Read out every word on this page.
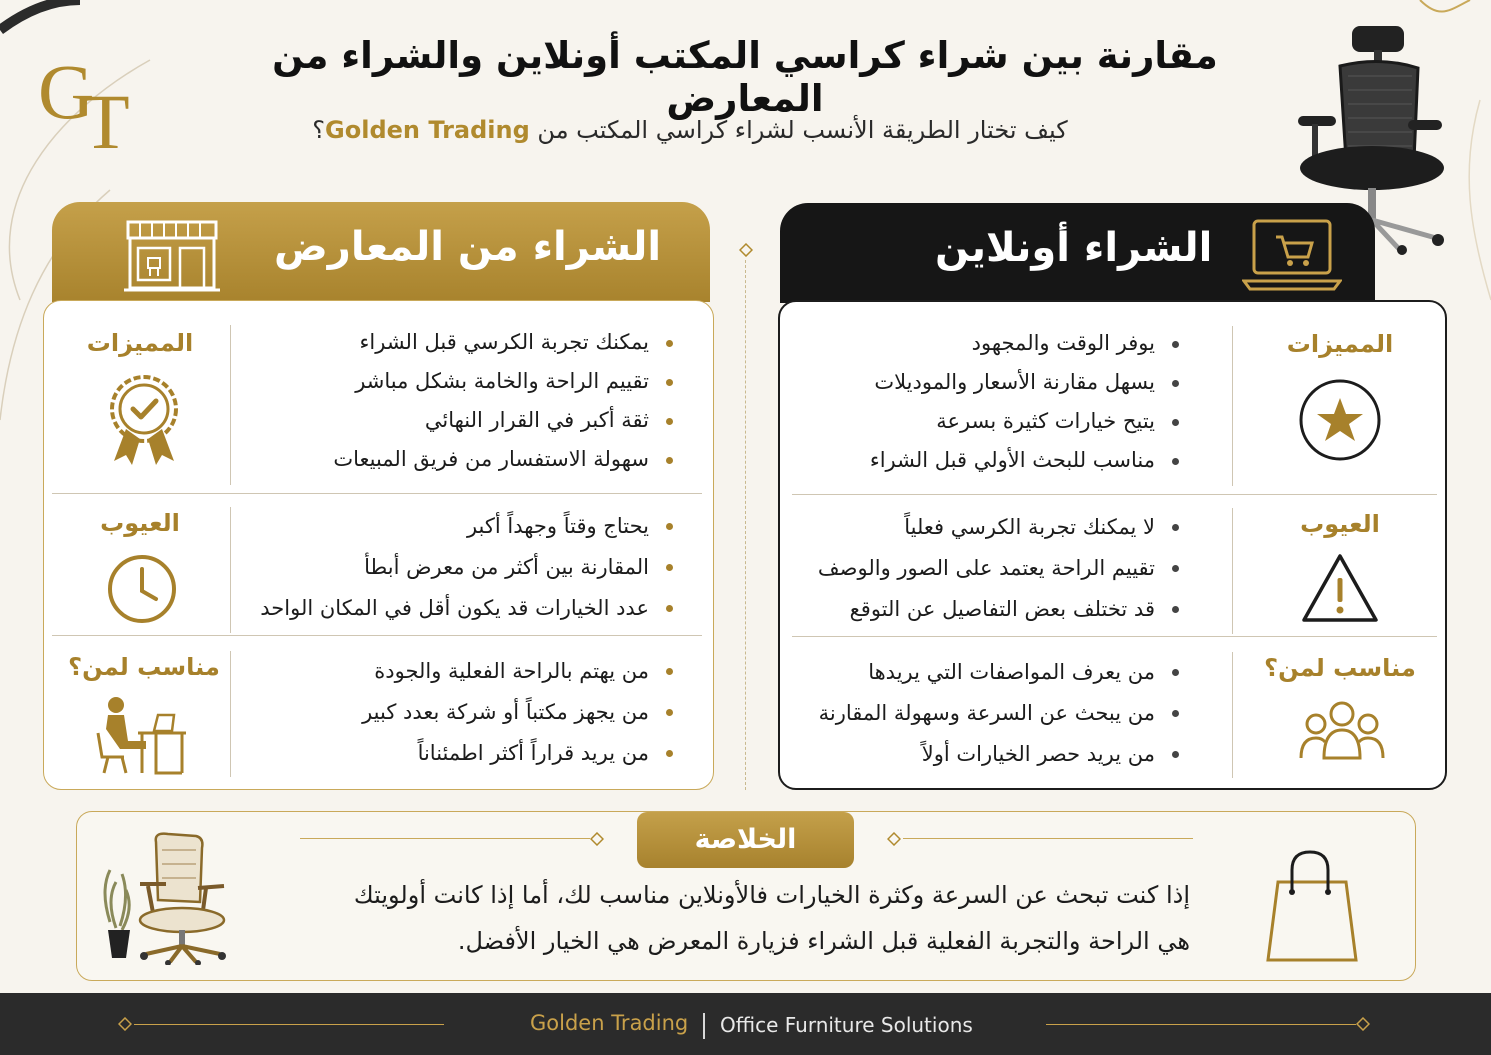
G
T
مقارنة بين شراء كراسي المكتب أونلاين والشراء من المعارض
كيف تختار الطريقة الأنسب لشراء كراسي المكتب من Golden Trading؟
الشراء أونلاين
المميزات
يوفر الوقت والمجهود
يسهل مقارنة الأسعار والموديلات
يتيح خيارات كثيرة بسرعة
مناسب للبحث الأولي قبل الشراء
العيوب
لا يمكنك تجربة الكرسي فعلياً
تقييم الراحة يعتمد على الصور والوصف
قد تختلف بعض التفاصيل عن التوقع
مناسب لمن؟
من يعرف المواصفات التي يريدها
من يبحث عن السرعة وسهولة المقارنة
من يريد حصر الخيارات أولاً
الشراء من المعارض
المميزات	يمكنك تجربة الكرسي قبل الشراء
تقييم الراحة والخامة بشكل مباشر
ثقة أكبر في القرار النهائي
سهولة الاستفسار من فريق المبيعات
العيوب	يحتاج وقتاً وجهداً أكبر
المقارنة بين أكثر من معرض أبطأ
عدد الخيارات قد يكون أقل في المكان الواحد
مناسب لمن؟	من يهتم بالراحة الفعلية والجودة
من يجهز مكتباً أو شركة بعدد كبير
من يريد قراراً أكثر اطمئناناً
الخلاصة
إذا كنت تبحث عن السرعة وكثرة الخيارات فالأونلاين مناسب لك، أما إذا كانت أولويتك
هي الراحة والتجربة الفعلية قبل الشراء فزيارة المعرض هي الخيار الأفضل.
Golden Trading Office Furniture Solutions
